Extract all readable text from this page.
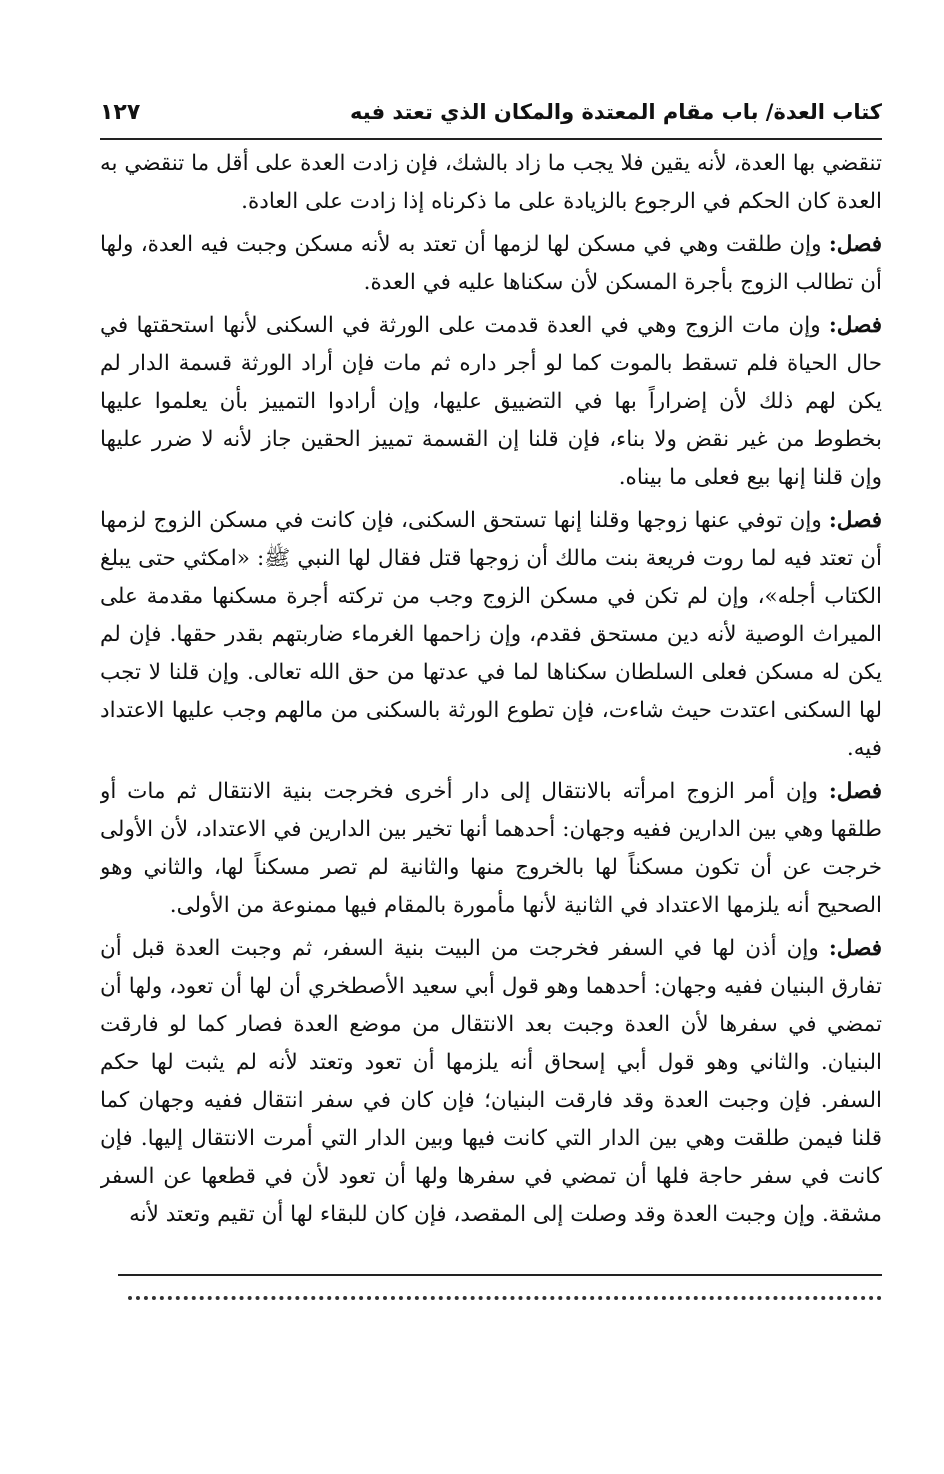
كتاب العدة/ باب مقام المعتدة والمكان الذي تعتد فيه
١٢٧

تنقضي بها العدة، لأنه يقين فلا يجب ما زاد بالشك، فإن زادت العدة على أقل ما تنقضي به العدة كان الحكم في الرجوع بالزيادة على ما ذكرناه إذا زادت على العادة.

فصل: وإن طلقت وهي في مسكن لها لزمها أن تعتد به لأنه مسكن وجبت فيه العدة، ولها أن تطالب الزوج بأجرة المسكن لأن سكناها عليه في العدة.

فصل: وإن مات الزوج وهي في العدة قدمت على الورثة في السكنى لأنها استحقتها في حال الحياة فلم تسقط بالموت كما لو أجر داره ثم مات فإن أراد الورثة قسمة الدار لم يكن لهم ذلك لأن إضراراً بها في التضييق عليها، وإن أرادوا التمييز بأن يعلموا عليها بخطوط من غير نقض ولا بناء، فإن قلنا إن القسمة تمييز الحقين جاز لأنه لا ضرر عليها وإن قلنا إنها بيع فعلى ما بيناه.

فصل: وإن توفي عنها زوجها وقلنا إنها تستحق السكنى، فإن كانت في مسكن الزوج لزمها أن تعتد فيه لما روت فريعة بنت مالك أن زوجها قتل فقال لها النبي ﷺ: «امكثي حتى يبلغ الكتاب أجله»، وإن لم تكن في مسكن الزوج وجب من تركته أجرة مسكنها مقدمة على الميراث الوصية لأنه دين مستحق فقدم، وإن زاحمها الغرماء ضاربتهم بقدر حقها. فإن لم يكن له مسكن فعلى السلطان سكناها لما في عدتها من حق الله تعالى. وإن قلنا لا تجب لها السكنى اعتدت حيث شاءت، فإن تطوع الورثة بالسكنى من مالهم وجب عليها الاعتداد فيه.

فصل: وإن أمر الزوج امرأته بالانتقال إلى دار أخرى فخرجت بنية الانتقال ثم مات أو طلقها وهي بين الدارين ففيه وجهان: أحدهما أنها تخير بين الدارين في الاعتداد، لأن الأولى خرجت عن أن تكون مسكناً لها بالخروج منها والثانية لم تصر مسكناً لها، والثاني وهو الصحيح أنه يلزمها الاعتداد في الثانية لأنها مأمورة بالمقام فيها ممنوعة من الأولى.

فصل: وإن أذن لها في السفر فخرجت من البيت بنية السفر، ثم وجبت العدة قبل أن تفارق البنيان ففيه وجهان: أحدهما وهو قول أبي سعيد الأصطخري أن لها أن تعود، ولها أن تمضي في سفرها لأن العدة وجبت بعد الانتقال من موضع العدة فصار كما لو فارقت البنيان. والثاني وهو قول أبي إسحاق أنه يلزمها أن تعود وتعتد لأنه لم يثبت لها حكم السفر. فإن وجبت العدة وقد فارقت البنيان؛ فإن كان في سفر انتقال ففيه وجهان كما قلنا فيمن طلقت وهي بين الدار التي كانت فيها وبين الدار التي أمرت الانتقال إليها. فإن كانت في سفر حاجة فلها أن تمضي في سفرها ولها أن تعود لأن في قطعها عن السفر مشقة. وإن وجبت العدة وقد وصلت إلى المقصد، فإن كان للبقاء لها أن تقيم وتعتد لأنه
